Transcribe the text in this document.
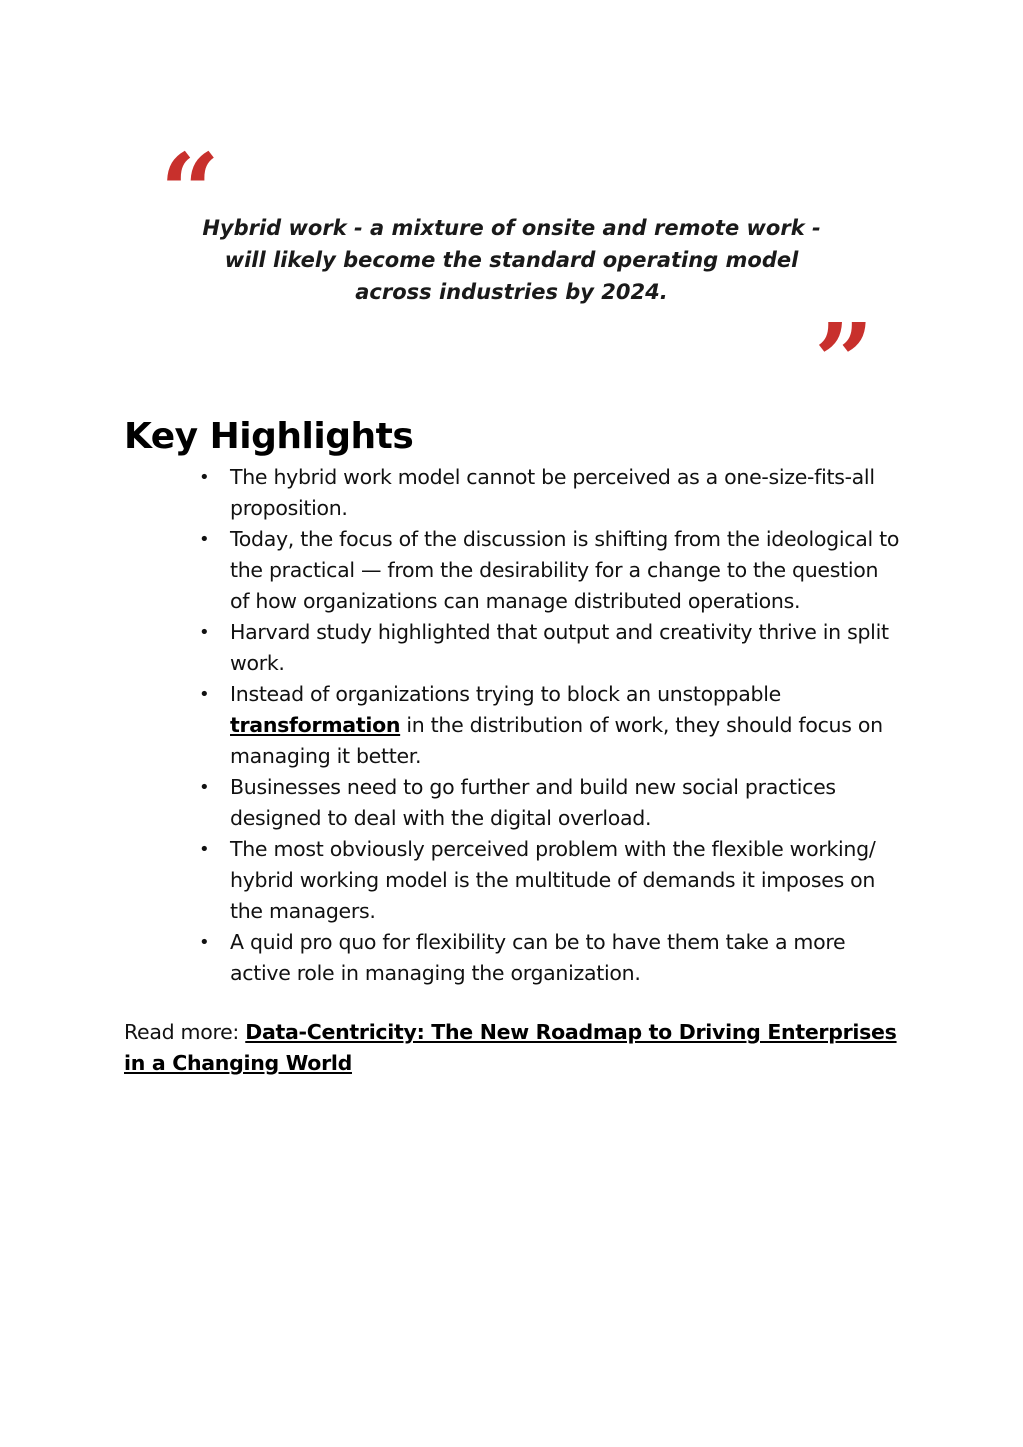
“

Hybrid work - a mixture of onsite and remote work - will likely become the standard operating model across industries by 2024.

”
Key Highlights
• The hybrid work model cannot be perceived as a one-size-fits-all proposition.
• Today, the focus of the discussion is shifting from the ideological to the practical — from the desirability for a change to the question of how organizations can manage distributed operations.
• Harvard study highlighted that output and creativity thrive in split work.
• Instead of organizations trying to block an unstoppable transformation in the distribution of work, they should focus on managing it better.
• Businesses need to go further and build new social practices designed to deal with the digital overload.
• The most obviously perceived problem with the flexible working/ hybrid working model is the multitude of demands it imposes on the managers.
• A quid pro quo for flexibility can be to have them take a more active role in managing the organization.

Read more: Data-Centricity: The New Roadmap to Driving Enterprises in a Changing World
